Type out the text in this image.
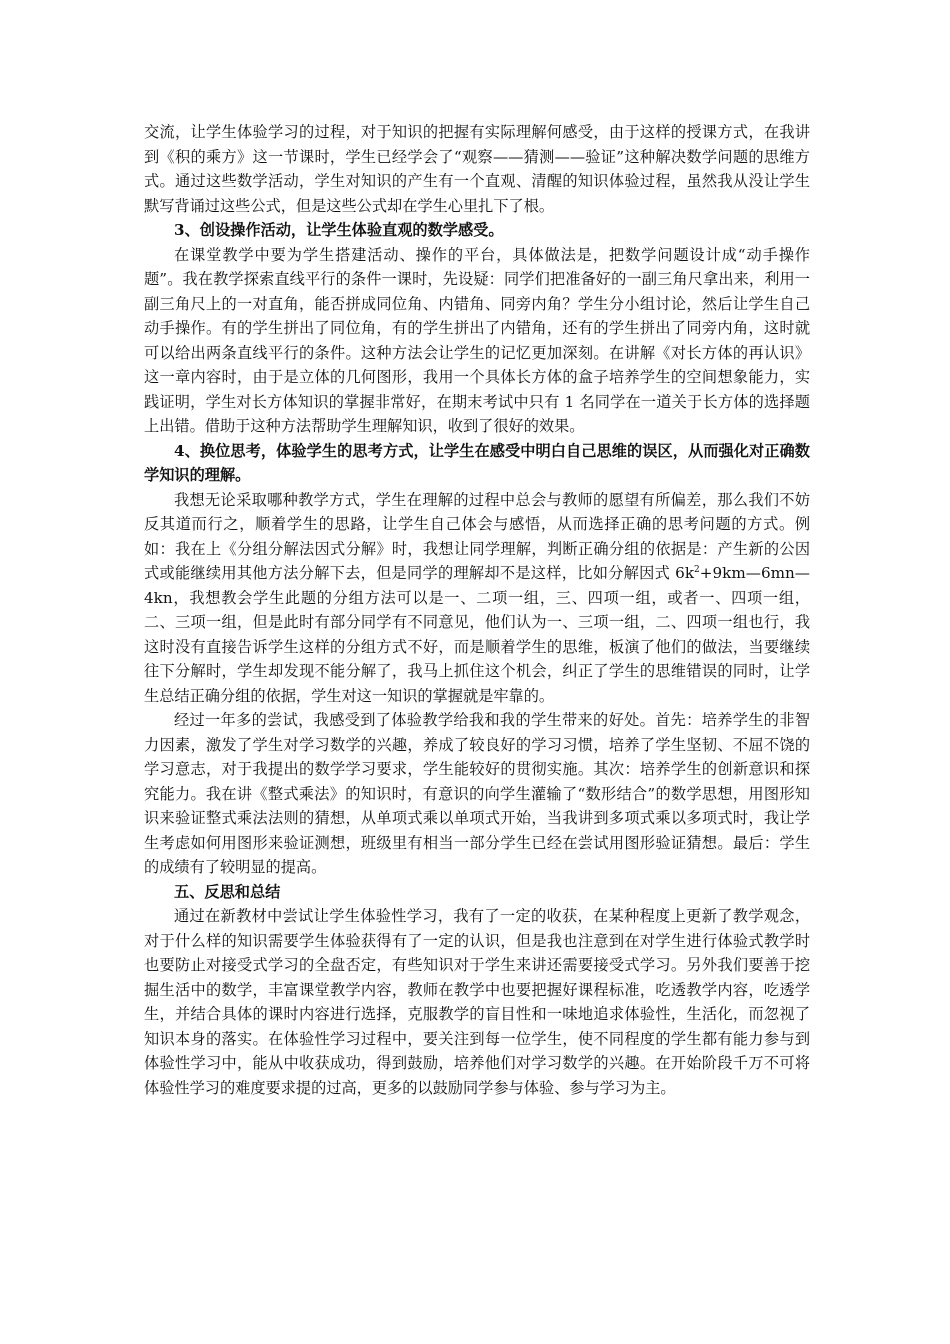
交流，让学生体验学习的过程，对于知识的把握有实际理解何感受，由于这样的授课方式，在我讲到《积的乘方》这一节课时，学生已经学会了“观察——猜测——验证”这种解决数学问题的思维方式。通过这些数学活动，学生对知识的产生有一个直观、清醒的知识体验过程，虽然我从没让学生默写背诵过这些公式，但是这些公式却在学生心里扎下了根。

3、创设操作活动，让学生体验直观的数学感受。

在课堂教学中要为学生搭建活动、操作的平台，具体做法是，把数学问题设计成“动手操作题”。我在教学探索直线平行的条件一课时，先设疑：同学们把准备好的一副三角尺拿出来，利用一副三角尺上的一对直角，能否拼成同位角、内错角、同旁内角？学生分小组讨论，然后让学生自己动手操作。有的学生拼出了同位角，有的学生拼出了内错角，还有的学生拼出了同旁内角，这时就可以给出两条直线平行的条件。这种方法会让学生的记忆更加深刻。在讲解《对长方体的再认识》这一章内容时，由于是立体的几何图形，我用一个具体长方体的盒子培养学生的空间想象能力，实践证明，学生对长方体知识的掌握非常好，在期末考试中只有 1 名同学在一道关于长方体的选择题上出错。借助于这种方法帮助学生理解知识，收到了很好的效果。

4、换位思考，体验学生的思考方式，让学生在感受中明白自己思维的误区，从而强化对正确数学知识的理解。

我想无论采取哪种教学方式，学生在理解的过程中总会与教师的愿望有所偏差，那么我们不妨反其道而行之，顺着学生的思路，让学生自己体会与感悟，从而选择正确的思考问题的方式。例如：我在上《分组分解法因式分解》时，我想让同学理解，判断正确分组的依据是：产生新的公因式或能继续用其他方法分解下去，但是同学的理解却不是这样，比如分解因式 $6k^2+9km—6mn—4kn$，我想教会学生此题的分组方法可以是一、二项一组，三、四项一组，或者一、四项一组，二、三项一组，但是此时有部分同学有不同意见，他们认为一、三项一组，二、四项一组也行，我这时没有直接告诉学生这样的分组方式不好，而是顺着学生的思维，板演了他们的做法，当要继续往下分解时，学生却发现不能分解了，我马上抓住这个机会，纠正了学生的思维错误的同时，让学生总结正确分组的依据，学生对这一知识的掌握就是牢靠的。

经过一年多的尝试，我感受到了体验教学给我和我的学生带来的好处。首先：培养学生的非智力因素，激发了学生对学习数学的兴趣，养成了较良好的学习习惯，培养了学生坚韧、不屈不饶的学习意志，对于我提出的数学学习要求，学生能较好的贯彻实施。其次：培养学生的创新意识和探究能力。我在讲《整式乘法》的知识时，有意识的向学生灌输了“数形结合”的数学思想，用图形知识来验证整式乘法法则的猜想，从单项式乘以单项式开始，当我讲到多项式乘以多项式时，我让学生考虑如何用图形来验证测想，班级里有相当一部分学生已经在尝试用图形验证猜想。最后：学生的成绩有了较明显的提高。

五、反思和总结

通过在新教材中尝试让学生体验性学习，我有了一定的收获，在某种程度上更新了教学观念，对于什么样的知识需要学生体验获得有了一定的认识，但是我也注意到在对学生进行体验式教学时也要防止对接受式学习的全盘否定，有些知识对于学生来讲还需要接受式学习。另外我们要善于挖掘生活中的数学，丰富课堂教学内容，教师在教学中也要把握好课程标准，吃透教学内容，吃透学生，并结合具体的课时内容进行选择，克服教学的盲目性和一味地追求体验性，生活化，而忽视了知识本身的落实。在体验性学习过程中，要关注到每一位学生，使不同程度的学生都有能力参与到体验性学习中，能从中收获成功，得到鼓励，培养他们对学习数学的兴趣。在开始阶段千万不可将体验性学习的难度要求提的过高，更多的以鼓励同学参与体验、参与学习为主。
